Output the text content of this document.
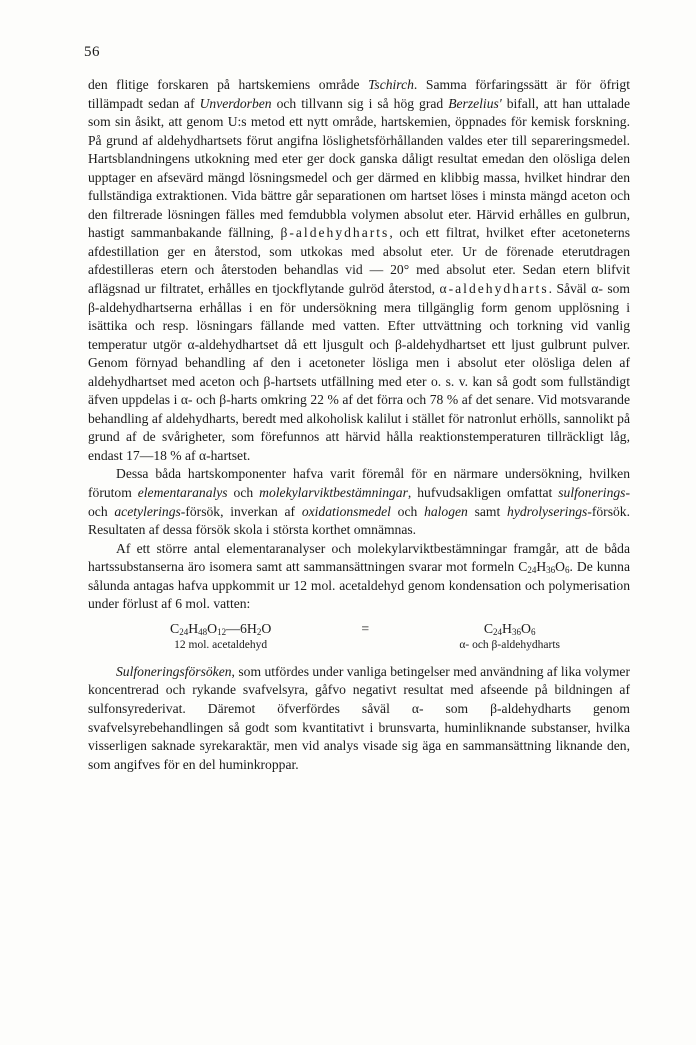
56

den flitige forskaren på hartskemiens område Tschirch. Samma förfaringssätt är för öfrigt tillämpadt sedan af Unverdorben och tillvann sig i så hög grad Berzelius' bifall, att han uttalade som sin åsikt, att genom U:s metod ett nytt område, hartskemien, öppnades för kemisk forskning. På grund af aldehydhartsets förut angifna löslighetsförhållanden valdes eter till separeringsmedel. Hartsblandningens utkokning med eter ger dock ganska dåligt resultat emedan den olösliga delen upptager en afsevärd mängd lösningsmedel och ger därmed en klibbig massa, hvilket hindrar den fullständiga extraktionen. Vida bättre går separationen om hartset löses i minsta mängd aceton och den filtrerade lösningen fälles med femdubbla volymen absolut eter. Härvid erhålles en gulbrun, hastigt sammanbakande fällning, β-aldehydharts, och ett filtrat, hvilket efter acetoneterns afdestillation ger en återstod, som utkokas med absolut eter. Ur de förenade eterutdragen afdestilleras etern och återstoden behandlas vid — 20° med absolut eter. Sedan etern blifvit aflägsnad ur filtratet, erhålles en tjockflytande gulröd återstod, α-aldehydharts. Såväl α- som β-aldehydhartserna erhållas i en för undersökning mera tillgänglig form genom upplösning i isättika och resp. lösningars fällande med vatten. Efter uttvättning och torkning vid vanlig temperatur utgör α-aldehydhartset då ett ljusgult och β-aldehydhartset ett ljust gulbrunt pulver. Genom förnyad behandling af den i acetoneter lösliga men i absolut eter olösliga delen af aldehydhartset med aceton och β-hartsets utfällning med eter o. s. v. kan så godt som fullständigt äfven uppdelas i α- och β-harts omkring 22 % af det förra och 78 % af det senare. Vid motsvarande behandling af aldehydharts, beredt med alkoholisk kalilut i stället för natronlut erhölls, sannolikt på grund af de svårigheter, som förefunnos att härvid hålla reaktionstemperaturen tillräckligt låg, endast 17—18 % af α-hartset.

Dessa båda hartskomponenter hafva varit föremål för en närmare undersökning, hvilken förutom elementaranalys och molekylarviktbestämningar, hufvudsakligen omfattat sulfonerings- och acetylerings-försök, inverkan af oxidationsmedel och halogen samt hydrolyserings-försök. Resultaten af dessa försök skola i största korthet omnämnas.

Af ett större antal elementaranalyser och molekylarviktbestämningar framgår, att de båda hartssubstanserna äro isomera samt att sammansättningen svarar mot formeln $C_{24}H_{36}O_6$. De kunna sålunda antagas hafva uppkommit ur 12 mol. acetaldehyd genom kondensation och polymerisation under förlust af 6 mol. vatten:

$C_{24}H_{48}O_{12}—6H_2O$
12 mol. acetaldehyd
=	$C_{24}H_{36}O_6$
α- och β-aldehydharts

Sulfoneringsförsöken, som utfördes under vanliga betingelser med användning af lika volymer koncentrerad och rykande svafvelsyra, gåfvo negativt resultat med afseende på bildningen af sulfonsyrederivat. Däremot öfverfördes såväl α- som β-aldehydharts genom svafvelsyrebehandlingen så godt som kvantitativt i brunsvarta, huminliknande substanser, hvilka visserligen saknade syrekaraktär, men vid analys visade sig äga en sammansättning liknande den, som angifves för en del huminkroppar.
